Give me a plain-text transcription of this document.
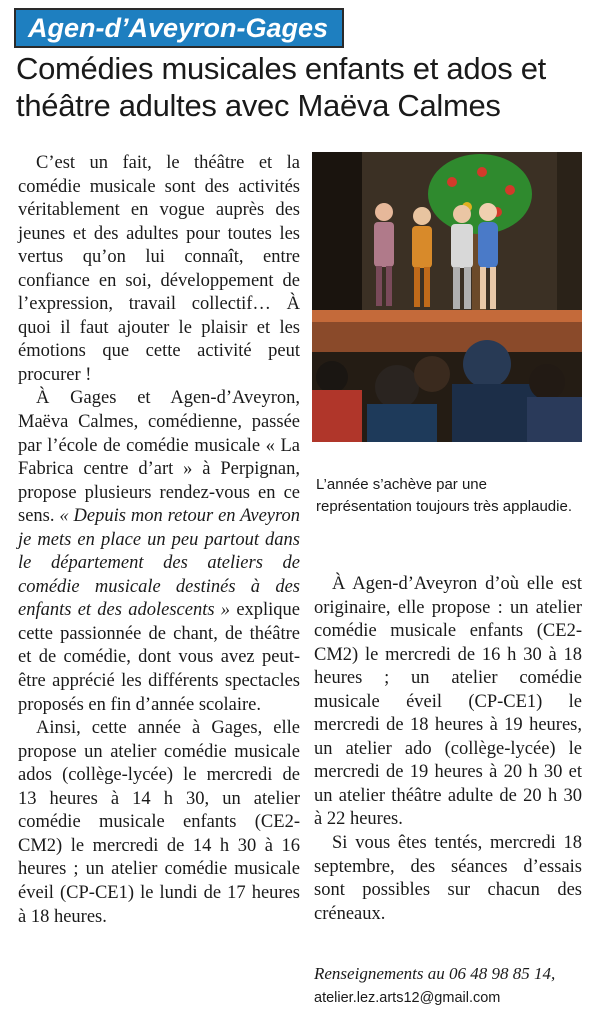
Agen-d’Aveyron-Gages
Comédies musicales enfants et ados et théâtre adultes avec Maëva Calmes

C’est un fait, le théâtre et la comédie musicale sont des activités véritablement en vogue auprès des jeunes et des adultes pour toutes les vertus qu’on lui connaît, entre confiance en soi, développement de l’expression, travail collectif… À quoi il faut ajouter le plaisir et les émotions que cette activité peut procurer !

À Gages et Agen-d’Aveyron, Maëva Calmes, comédienne, passée par l’école de comédie musicale « La Fabrica centre d’art » à Perpignan, propose plusieurs rendez-vous en ce sens. « Depuis mon retour en Aveyron je mets en place un peu partout dans le département des ateliers de comédie musicale destinés à des enfants et des adolescents » explique cette passionnée de chant, de théâtre et de comédie, dont vous avez peut-être apprécié les différents spectacles proposés en fin d’année scolaire.

Ainsi, cette année à Gages, elle propose un atelier comédie musicale ados (collège-lycée) le mercredi de 13 heures à 14 h 30, un atelier comédie musicale enfants (CE2-CM2) le mercredi de 14 h 30 à 16 heures ; un atelier comédie musicale éveil (CP-CE1) le lundi de 17 heures à 18 heures.

L’année s’achève par une représentation toujours très applaudie.

À Agen-d’Aveyron d’où elle est originaire, elle propose : un atelier comédie musicale enfants (CE2-CM2) le mercredi de 16 h 30 à 18 heures ; un atelier comédie musicale éveil (CP-CE1) le mercredi de 18 heures à 19 heures, un atelier ado (collège-lycée) le mercredi de 19 heures à 20 h 30 et un atelier théâtre adulte de 20 h 30 à 22 heures.

Si vous êtes tentés, mercredi 18 septembre, des séances d’essais sont possibles sur chacun des créneaux.

Renseignements au 06 48 98 85 14,
atelier.lez.arts12@gmail.com
